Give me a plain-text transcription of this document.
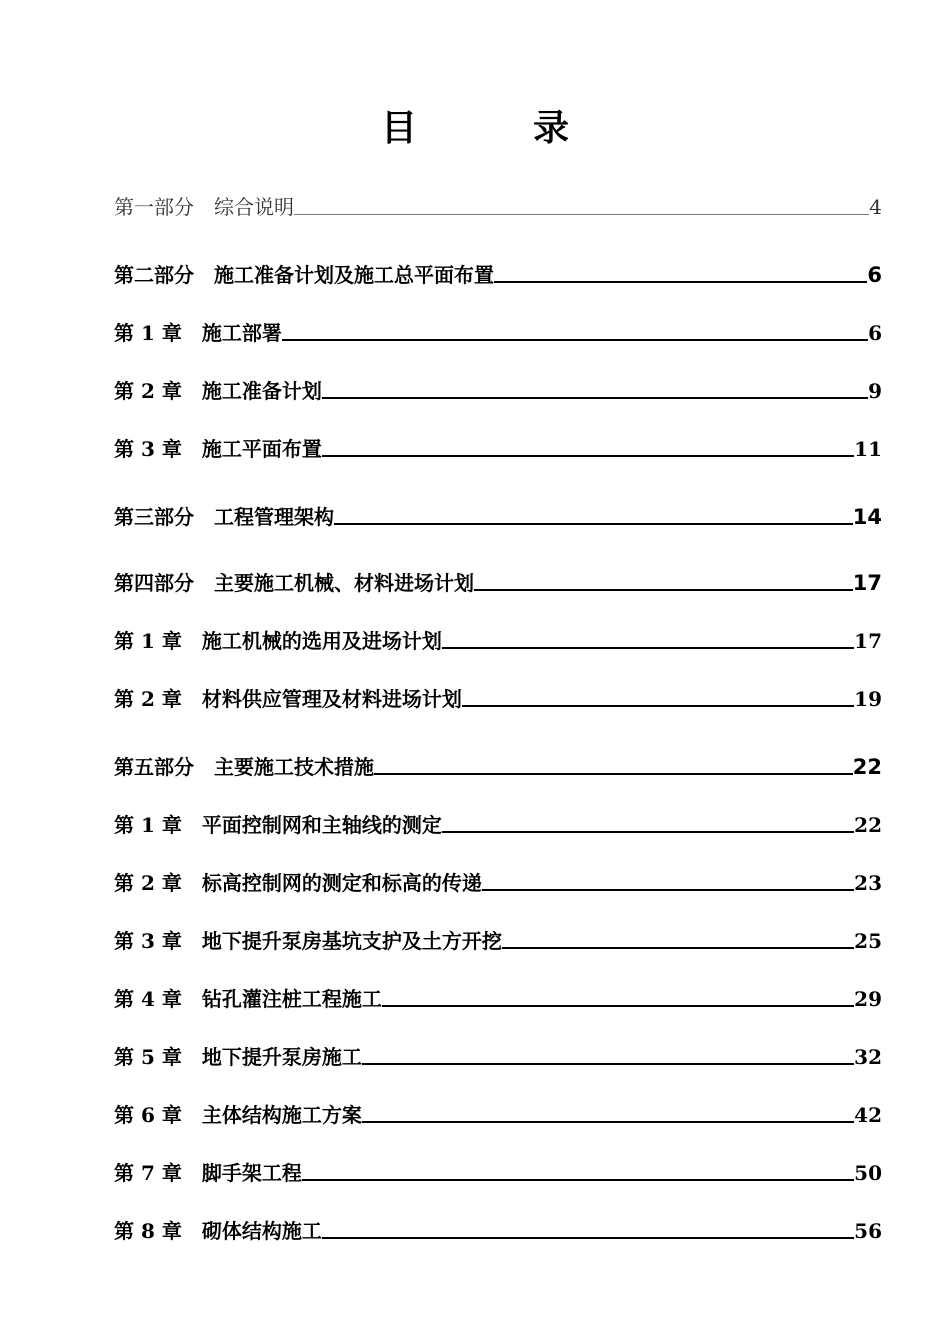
目　录
第一部分　综合说明	4
第二部分　施工准备计划及施工总平面布置	6
第 1 章　施工部署	6
第 2 章　施工准备计划	9
第 3 章　施工平面布置	11
第三部分　工程管理架构	14
第四部分　主要施工机械、材料进场计划	17
第 1 章　施工机械的选用及进场计划	17
第 2 章　材料供应管理及材料进场计划	19
第五部分　主要施工技术措施	22
第 1 章　平面控制网和主轴线的测定	22
第 2 章　标高控制网的测定和标高的传递	23
第 3 章　地下提升泵房基坑支护及土方开挖	25
第 4 章　钻孔灌注桩工程施工	29
第 5 章　地下提升泵房施工	32
第 6 章　主体结构施工方案	42
第 7 章　脚手架工程	50
第 8 章　砌体结构施工	56
